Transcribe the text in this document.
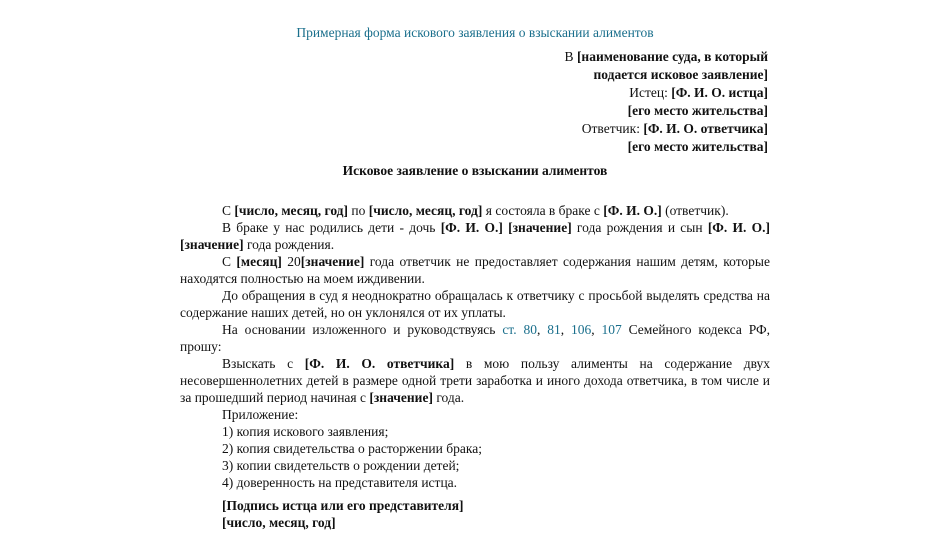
Примерная форма искового заявления о взыскании алиментов
В [наименование суда, в который
подается исковое заявление]
Истец: [Ф. И. О. истца]
[его место жительства]
Ответчик: [Ф. И. О. ответчика]
[его место жительства]
Исковое заявление о взыскании алиментов

С [число, месяц, год] по [число, месяц, год] я состояла в браке с [Ф. И. О.] (ответчик).

В браке у нас родились дети - дочь [Ф. И. О.] [значение] года рождения и сын [Ф. И. О.] [значение] года рождения.

С [месяц] 20[значение] года ответчик не предоставляет содержания нашим детям, которые находятся полностью на моем иждивении.

До обращения в суд я неоднократно обращалась к ответчику с просьбой выделять средства на содержание наших детей, но он уклонялся от их уплаты.

На основании изложенного и руководствуясь ст. 80, 81, 106, 107 Семейного кодекса РФ, прошу:

Взыскать с [Ф. И. О. ответчика] в мою пользу алименты на содержание двух несовершеннолетних детей в размере одной трети заработка и иного дохода ответчика, в том числе и за прошедший период начиная с [значение] года.

Приложение:
1) копия искового заявления;
2) копия свидетельства о расторжении брака;
3) копии свидетельств о рождении детей;
4) доверенность на представителя истца.
[Подпись истца или его представителя]
[число, месяц, год]
